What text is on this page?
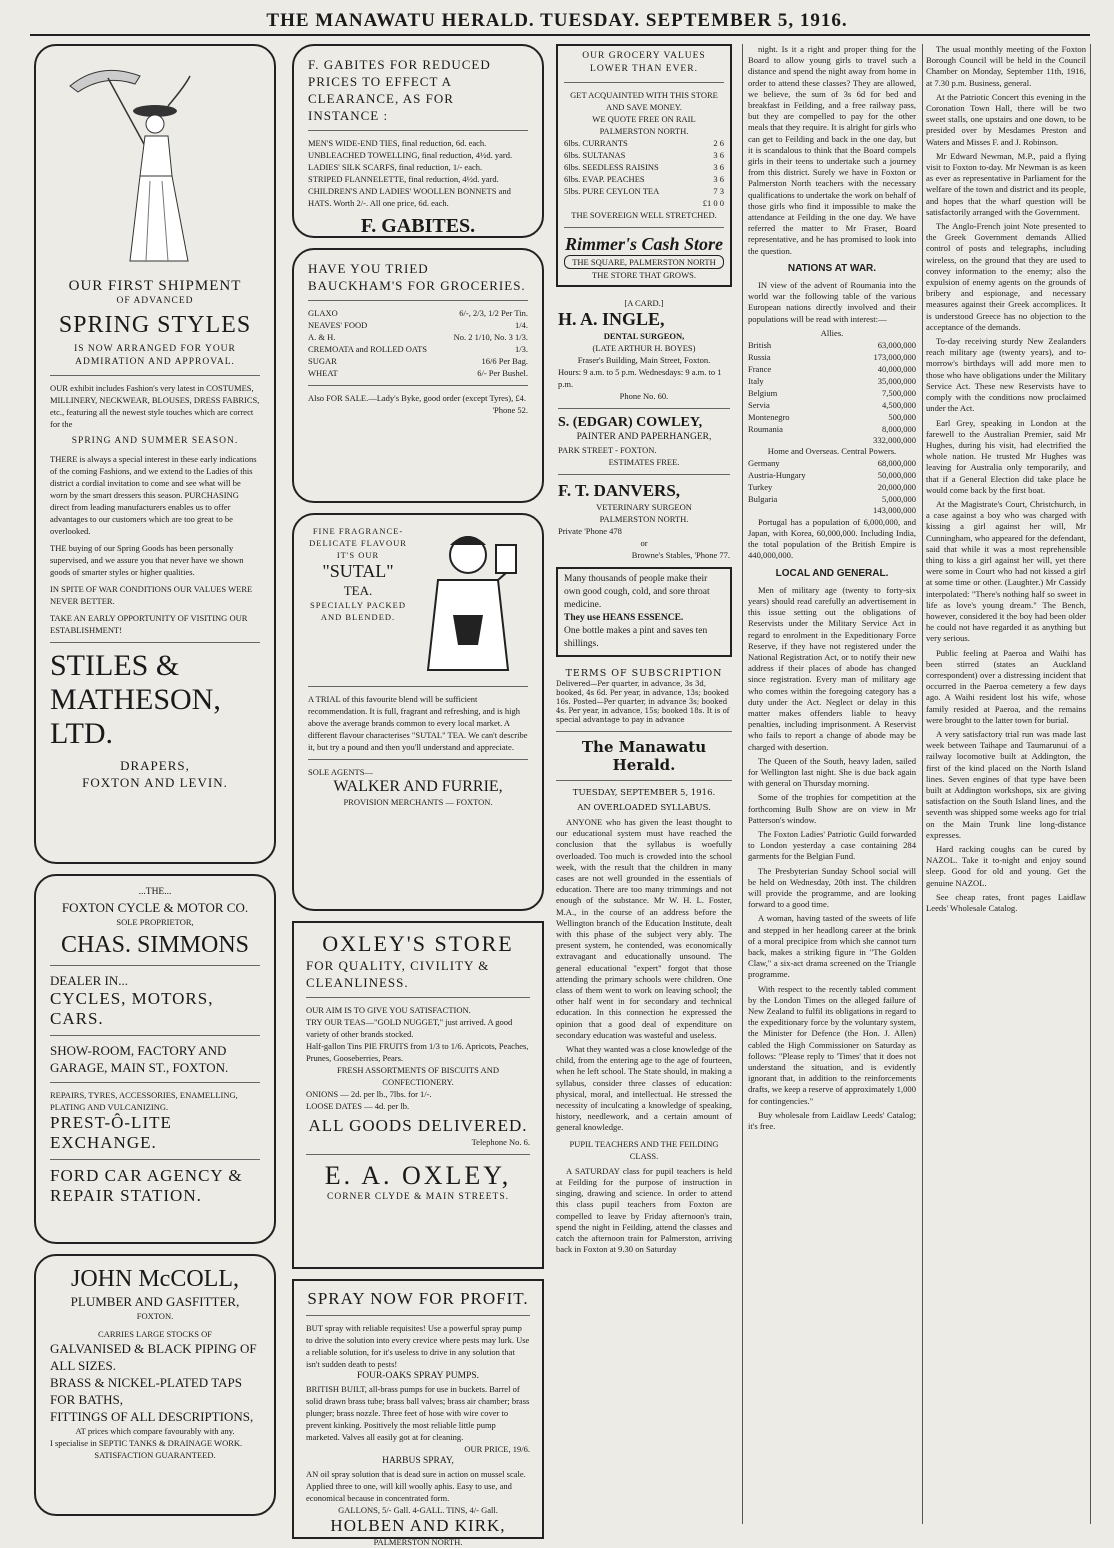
THE MANAWATU HERALD. TUESDAY. SEPTEMBER 5, 1916.
OUR FIRST SHIPMENT
OF ADVANCED
SPRING STYLES
IS NOW ARRANGED FOR YOUR
ADMIRATION AND APPROVAL.

OUR exhibit includes Fashion's very latest in COSTUMES, MILLINERY, NECKWEAR, BLOUSES, DRESS FABRICS, etc., featuring all the newest style touches which are correct for the

SPRING AND SUMMER SEASON.

THERE is always a special interest in these early indications of the coming Fashions, and we extend to the Ladies of this district a cordial invitation to come and see what will be worn by the smart dressers this season. PURCHASING direct from leading manufacturers enables us to offer advantages to our customers which are too great to be overlooked.

THE buying of our Spring Goods has been personally supervised, and we assure you that never have we shown goods of smarter styles or higher qualities.

IN SPITE OF WAR CONDITIONS OUR VALUES WERE NEVER BETTER.

TAKE AN EARLY OPPORTUNITY OF VISITING OUR ESTABLISHMENT!

STILES &
MATHESON, LTD.
DRAPERS,
FOXTON AND LEVIN.
...THE...
FOXTON CYCLE & MOTOR CO.
SOLE PROPRIETOR,
CHAS. SIMMONS
DEALER IN...
CYCLES, MOTORS, CARS.
SHOW-ROOM, FACTORY AND GARAGE, MAIN ST., FOXTON.
REPAIRS, TYRES, ACCESSORIES, ENAMELLING, PLATING AND VULCANIZING.
PREST-Ô-LITE EXCHANGE.
FORD CAR AGENCY & REPAIR STATION.
JOHN McCOLL,
PLUMBER AND GASFITTER,
FOXTON.
CARRIES LARGE STOCKS OF
GALVANISED & BLACK PIPING OF ALL SIZES.
BRASS & NICKEL-PLATED TAPS FOR BATHS,
FITTINGS OF ALL DESCRIPTIONS,
AT prices which compare favourably with any.
I specialise in SEPTIC TANKS & DRAINAGE WORK.
SATISFACTION GUARANTEED.
F. GABITES FOR REDUCED PRICES TO EFFECT A CLEARANCE, AS FOR INSTANCE :
MEN'S WIDE-END TIES, final reduction, 6d. each.
UNBLEACHED TOWELLING, final reduction, 4½d. yard.
LADIES' SILK SCARFS, final reduction, 1/- each.
STRIPED FLANNELETTE, final reduction, 4½d. yard.
CHILDREN'S AND LADIES' WOOLLEN BONNETS and HATS. Worth 2/-. All one price, 6d. each.
F. GABITES.
HAVE YOU TRIED BAUCKHAM'S FOR GROCERIES.
GLAXO	6/-, 2/3, 1/2 Per Tin.
NEAVES' FOOD	1/4.
A. & H.	No. 2 1/10, No. 3 1/3.
CREMOATA and ROLLED OATS	1/3.
SUGAR	16/6 Per Bag.
WHEAT	6/- Per Bushel.
Also FOR SALE.—Lady's Byke, good order (except Tyres), £4.
'Phone 52.
FINE FRAGRANCE-DELICATE FLAVOUR
IT'S OUR
"SUTAL"
TEA.
SPECIALLY PACKED AND BLENDED.

A TRIAL of this favourite blend will be sufficient recommendation. It is full, fragrant and refreshing, and is high above the average brands common to every local market. A different flavour characterises "SUTAL" TEA. We can't describe it, but try a pound and then you'll understand and appreciate.

SOLE AGENTS—
WALKER AND FURRIE,
PROVISION MERCHANTS — FOXTON.
OXLEY'S STORE
FOR QUALITY, CIVILITY & CLEANLINESS.
OUR AIM IS TO GIVE YOU SATISFACTION.
TRY OUR TEAS—"GOLD NUGGET," just arrived. A good variety of other brands stocked.
Half-gallon Tins PIE FRUITS from 1/3 to 1/6. Apricots, Peaches, Prunes, Gooseberries, Pears.
FRESH ASSORTMENTS OF BISCUITS AND CONFECTIONERY.
ONIONS — 2d. per lb., 7lbs. for 1/-.
LOOSE DATES — 4d. per lb.
ALL GOODS DELIVERED.
Telephone No. 6.
E. A. OXLEY,
CORNER CLYDE & MAIN STREETS.
SPRAY NOW FOR PROFIT.
BUT spray with reliable requisites! Use a powerful spray pump to drive the solution into every crevice where pests may lurk. Use a reliable solution, for it's useless to drive in any solution that isn't sudden death to pests!
FOUR-OAKS SPRAY PUMPS.
BRITISH BUILT, all-brass pumps for use in buckets. Barrel of solid drawn brass tube; brass ball valves; brass air chamber; brass plunger; brass nozzle. Three feet of hose with wire cover to prevent kinking. Positively the most reliable little pump marketed. Valves all easily got at for cleaning.
OUR PRICE, 19/6.
HARBUS SPRAY,
AN oil spray solution that is dead sure in action on mussel scale. Applied three to one, will kill woolly aphis. Easy to use, and economical because in concentrated form.
GALLONS, 5/- Gall. 4-GALL. TINS, 4/- Gall.
HOLBEN AND KIRK,
PALMERSTON NORTH.
OUR GROCERY VALUES LOWER THAN EVER.
GET ACQUAINTED WITH THIS STORE AND SAVE MONEY.
WE QUOTE FREE ON RAIL PALMERSTON NORTH.
6lbs. CURRANTS	2 6
6lbs. SULTANAS	3 6
6lbs. SEEDLESS RAISINS	3 6
6lbs. EVAP. PEACHES	3 6
5lbs. PURE CEYLON TEA	7 3
£1 0 0
THE SOVEREIGN WELL STRETCHED.
Rimmer's Cash Store
THE SQUARE, PALMERSTON NORTH
THE STORE THAT GROWS.
[A CARD.]
H. A. INGLE,
DENTAL SURGEON,
(LATE ARTHUR H. BOYES)
Fraser's Building, Main Street, Foxton.
Hours: 9 a.m. to 5 p.m. Wednesdays: 9 a.m. to 1 p.m.
Phone No. 60.
S. (EDGAR) COWLEY,
PAINTER AND PAPERHANGER,
PARK STREET - FOXTON.
ESTIMATES FREE.
F. T. DANVERS,
VETERINARY SURGEON
PALMERSTON NORTH.
Private 'Phone 478
or
Browne's Stables, 'Phone 77.
Many thousands of people make their own good cough, cold, and sore throat medicine.
They use HEANS ESSENCE.
One bottle makes a pint and saves ten shillings.
TERMS OF SUBSCRIPTION
Delivered—Per quarter, in advance, 3s 3d, booked, 4s 6d. Per year, in advance, 13s; booked 16s. Posted—Per quarter, in advance 3s; booked 4s. Per year, in advance, 15s; booked 18s. It is of special advantage to pay in advance
The Manawatu Herald.
TUESDAY, SEPTEMBER 5, 1916.
AN OVERLOADED SYLLABUS.

ANYONE who has given the least thought to our educational system must have reached the conclusion that the syllabus is woefully overloaded. Too much is crowded into the school week, with the result that the children in many cases are not well grounded in the essentials of education. There are too many trimmings and not enough of the substance. Mr W. H. L. Foster, M.A., in the course of an address before the Wellington branch of the Education Institute, dealt with this phase of the subject very ably. The present system, he contended, was economically extravagant and educationally unsound. The general educational "expert" forgot that those attending the primary schools were children. One class of them went to work on leaving school; the other half went in for secondary and technical education. In this connection he expressed the opinion that a good deal of expenditure on secondary education was wasteful and useless.

What they wanted was a close knowledge of the child, from the entering age to the age of fourteen, when he left school. The State should, in making a syllabus, consider three classes of education: physical, moral, and intellectual. He stressed the necessity of inculcating a knowledge of speaking, history, needlework, and a certain amount of general knowledge.

PUPIL TEACHERS AND THE FEILDING CLASS.

A SATURDAY class for pupil teachers is held at Feilding for the purpose of instruction in singing, drawing and science. In order to attend this class pupil teachers from Foxton are compelled to leave by Friday afternoon's train, spend the night in Feilding, attend the classes and catch the afternoon train for Palmerston, arriving back in Foxton at 9.30 on Saturday

night. Is it a right and proper thing for the Board to allow young girls to travel such a distance and spend the night away from home in order to attend these classes? They are allowed, we believe, the sum of 3s 6d for bed and breakfast in Feilding, and a free railway pass, but they are compelled to pay for the other meals that they require. It is alright for girls who can get to Feilding and back in the one day, but it is scandalous to think that the Board compels girls in their teens to undertake such a journey from this district. Surely we have in Foxton or Palmerston North teachers with the necessary qualifications to undertake the work on behalf of those girls who find it impossible to make the attendance at Feilding in the one day. We have referred the matter to Mr Fraser, Board representative, and he has promised to look into the question.

NATIONS AT WAR.

IN view of the advent of Roumania into the world war the following table of the various European nations directly involved and their populations will be read with interest:—

Allies.
British	63,000,000
Russia	173,000,000
France	40,000,000
Italy	35,000,000
Belgium	7,500,000
Servia	4,500,000
Montenegro	500,000
Roumania	8,000,000
332,000,000
Home and Overseas. Central Powers.
Germany	68,000,000
Austria-Hungary	50,000,000
Turkey	20,000,000
Bulgaria	5,000,000
143,000,000

Portugal has a population of 6,000,000, and Japan, with Korea, 60,000,000. Including India, the total population of the British Empire is 440,000,000.

LOCAL AND GENERAL.

Men of military age (twenty to forty-six years) should read carefully an advertisement in this issue setting out the obligations of Reservists under the Military Service Act in regard to enrolment in the Expeditionary Force Reserve, if they have not registered under the National Registration Act, or to notify their new address if their places of abode has changed since registration. Every man of military age who comes within the foregoing category has a duty under the Act. Neglect or delay in this matter makes offenders liable to heavy penalties, including imprisonment. A Reservist who fails to report a change of abode may be charged with desertion.

The Queen of the South, heavy laden, sailed for Wellington last night. She is due back again with general on Thursday morning.

Some of the trophies for competition at the forthcoming Bulb Show are on view in Mr Patterson's window.

The Foxton Ladies' Patriotic Guild forwarded to London yesterday a case containing 284 garments for the Belgian Fund.

The Presbyterian Sunday School social will be held on Wednesday, 20th inst. The children will provide the programme, and are looking forward to a good time.

A woman, having tasted of the sweets of life and stepped in her headlong career at the brink of a moral precipice from which she cannot turn back, makes a striking figure in "The Golden Claw," a six-act drama screened on the Triangle programme.

With respect to the recently tabled comment by the London Times on the alleged failure of New Zealand to fulfil its obligations in regard to the expeditionary force by the voluntary system, the Minister for Defence (the Hon. J. Allen) cabled the High Commissioner on Saturday as follows: "Please reply to 'Times' that it does not understand the situation, and is evidently ignorant that, in addition to the reinforcements drafts, we keep a reserve of approximately 1,000 for contingencies."

Buy wholesale from Laidlaw Leeds' Catalog; it's free.

The usual monthly meeting of the Foxton Borough Council will be held in the Council Chamber on Monday, September 11th, 1916, at 7.30 p.m. Business, general.

At the Patriotic Concert this evening in the Coronation Town Hall, there will be two sweet stalls, one upstairs and one down, to be presided over by Mesdames Preston and Waters and Misses F. and J. Robinson.

Mr Edward Newman, M.P., paid a flying visit to Foxton to-day. Mr Newman is as keen as ever as representative in Parliament for the welfare of the town and district and its people, and hopes that the wharf question will be satisfactorily arranged with the Government.

The Anglo-French joint Note presented to the Greek Government demands Allied control of posts and telegraphs, including wireless, on the ground that they are used to convey information to the enemy; also the expulsion of enemy agents on the grounds of bribery and espionage, and necessary measures against their Greek accomplices. It is understood Greece has no objection to the acceptance of the demands.

To-day receiving sturdy New Zealanders reach military age (twenty years), and to-morrow's birthdays will add more men to those who have obligations under the Military Service Act. These new Reservists have to comply with the conditions now proclaimed under the Act.

Earl Grey, speaking in London at the farewell to the Australian Premier, said Mr Hughes, during his visit, had electrified the whole nation. He trusted Mr Hughes was leaving for Australia only temporarily, and that if a General Election did take place he would come back by the first boat.

At the Magistrate's Court, Christchurch, in a case against a boy who was charged with kissing a girl against her will, Mr Cunningham, who appeared for the defendant, said that while it was a most reprehensible thing to kiss a girl against her will, yet there were some in Court who had not kissed a girl at some time or other. (Laughter.) Mr Cassidy interpolated: "There's nothing half so sweet in life as love's young dream." The Bench, however, considered it the boy had been older he could not have regarded it as anything but very serious.

Public feeling at Paeroa and Waihi has been stirred (states an Auckland correspondent) over a distressing incident that occurred in the Paeroa cemetery a few days ago. A Waihi resident lost his wife, whose family resided at Paeroa, and the remains were brought to the latter town for burial.

A very satisfactory trial run was made last week between Taihape and Taumarunui of a railway locomotive built at Addington, the first of the kind placed on the North Island lines. Seven engines of that type have been built at Addington workshops, six are giving satisfaction on the South Island lines, and the seventh was shipped some weeks ago for trial on the Main Trunk line long-distance expresses.

Hard racking coughs can be cured by NAZOL. Take it to-night and enjoy sound sleep. Good for old and young. Get the genuine NAZOL.

See cheap rates, front pages Laidlaw Leeds' Wholesale Catalog.
